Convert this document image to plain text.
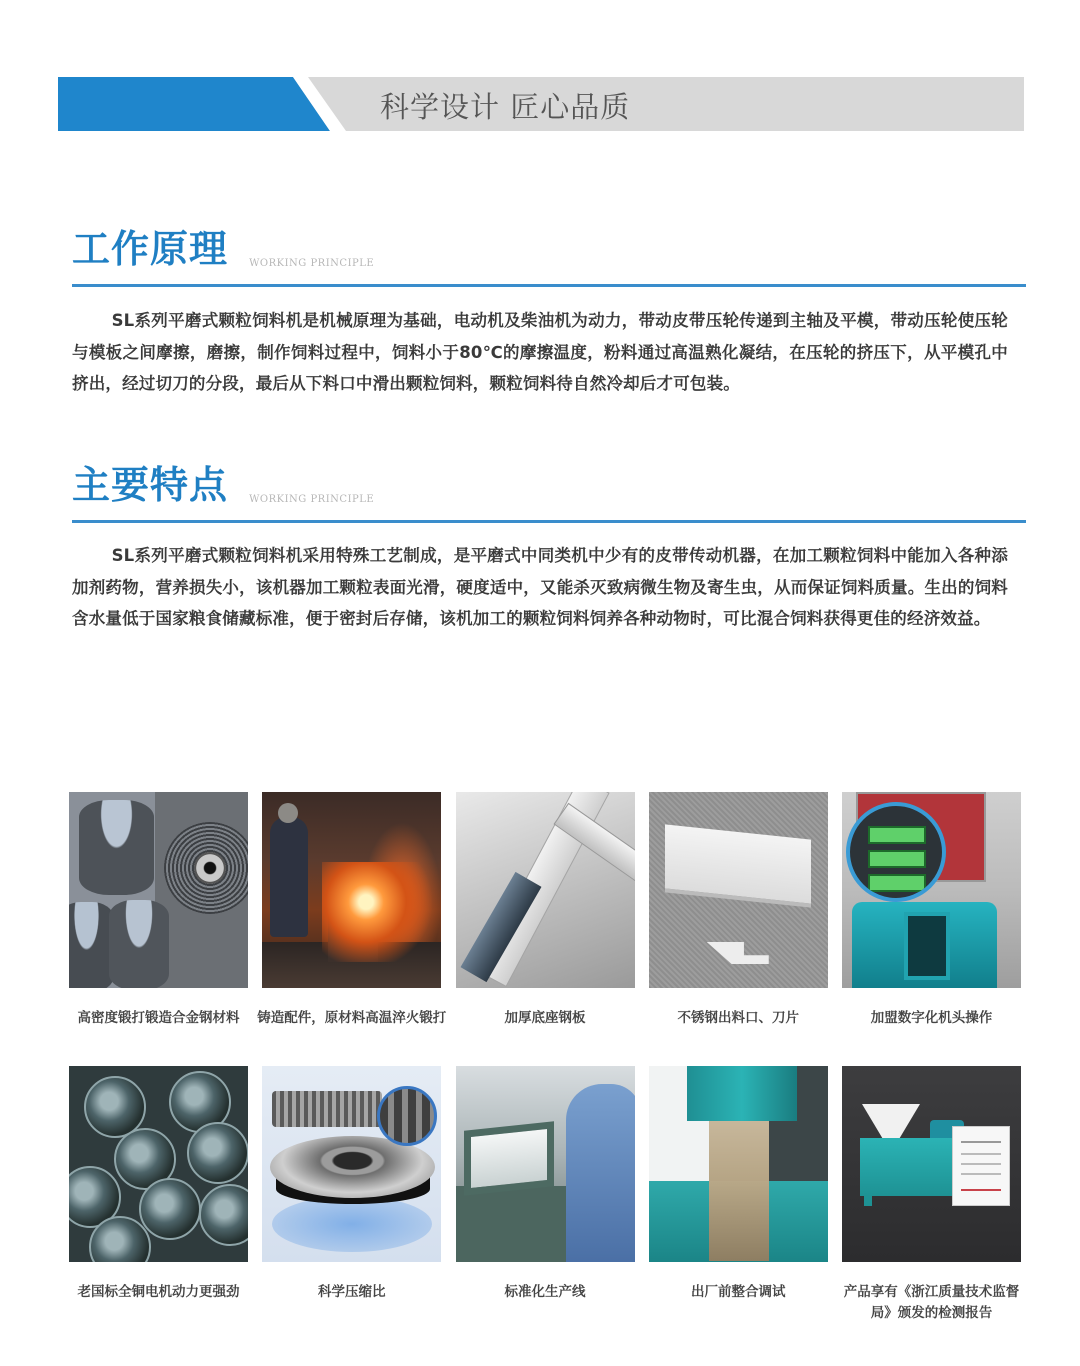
科学设计 匠心品质
工作原理 WORKING PRINCIPLE

SL系列平磨式颗粒饲料机是机械原理为基础，电动机及柴油机为动力，带动皮带压轮传递到主轴及平模，带动压轮使压轮与模板之间摩擦，磨擦，制作饲料过程中，饲料小于80℃的摩擦温度，粉料通过高温熟化凝结，在压轮的挤压下，从平模孔中挤出，经过切刀的分段，最后从下料口中滑出颗粒饲料，颗粒饲料待自然冷却后才可包装。

主要特点 WORKING PRINCIPLE

SL系列平磨式颗粒饲料机采用特殊工艺制成，是平磨式中同类机中少有的皮带传动机器，在加工颗粒饲料中能加入各种添加剂药物，营养损失小，该机器加工颗粒表面光滑，硬度适中，又能杀灭致病微生物及寄生虫，从而保证饲料质量。生出的饲料含水量低于国家粮食储藏标准，便于密封后存储，该机加工的颗粒饲料饲养各种动物时，可比混合饲料获得更佳的经济效益。

高密度锻打锻造合金钢材料	铸造配件，原材料高温淬火锻打	加厚底座钢板	不锈钢出料口、刀片	加盟数字化机头操作
老国标全铜电机动力更强劲	科学压缩比	标准化生产线	出厂前整合调试	产品享有《浙江质量技术监督局》颁发的检测报告
